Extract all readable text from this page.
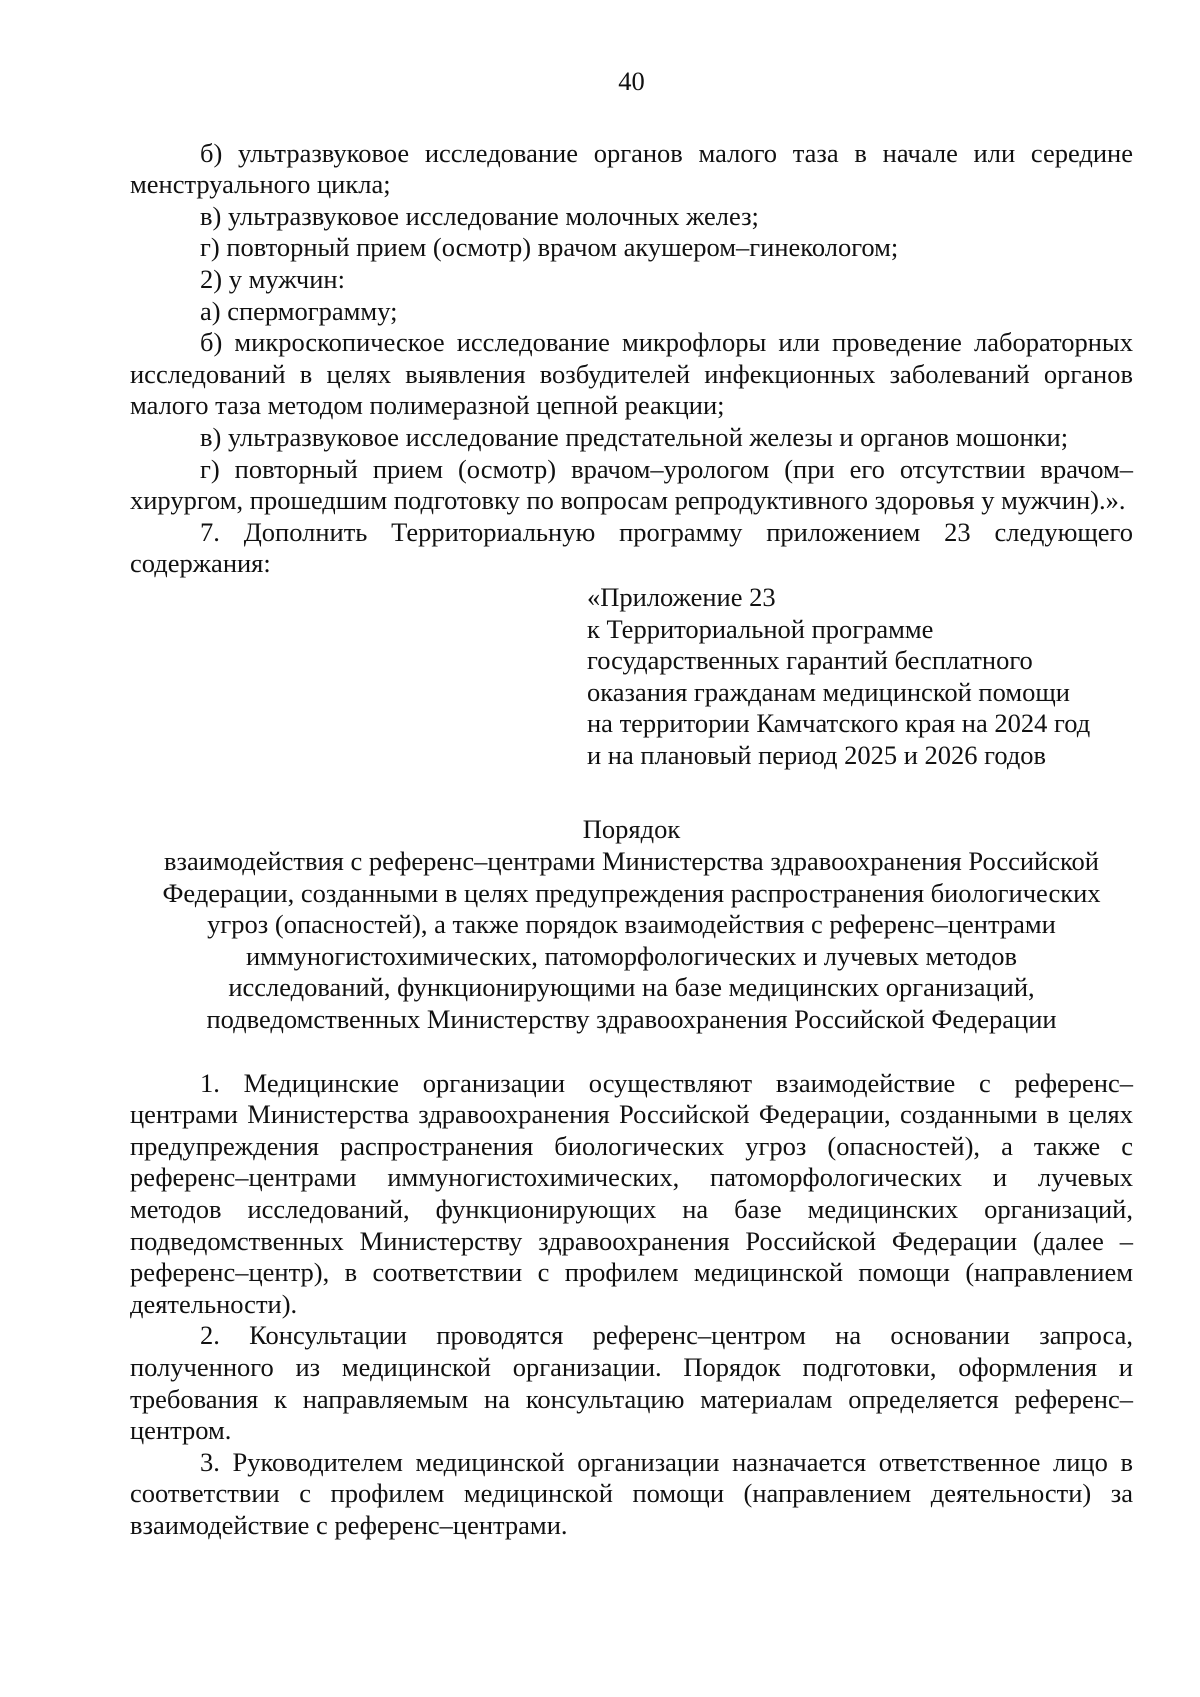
40

б) ультразвуковое исследование органов малого таза в начале или середине менструального цикла;

в) ультразвуковое исследование молочных желез;

г) повторный прием (осмотр) врачом акушером–гинекологом;

2) у мужчин:

а) спермограмму;

б) микроскопическое исследование микрофлоры или проведение лабораторных исследований в целях выявления возбудителей инфекционных заболеваний органов малого таза методом полимеразной цепной реакции;

в) ультразвуковое исследование предстательной железы и органов мошонки;

г) повторный прием (осмотр) врачом–урологом (при его отсутствии врачом–хирургом, прошедшим подготовку по вопросам репродуктивного здоровья у мужчин).».

7. Дополнить Территориальную программу приложением 23 следующего содержания:

«Приложение 23
к Территориальной программе
государственных гарантий бесплатного
оказания гражданам медицинской помощи
на территории Камчатского края на 2024 год
и на плановый период 2025 и 2026 годов
Порядок
взаимодействия с референс–центрами Министерства здравоохранения Российской
Федерации, созданными в целях предупреждения распространения биологических
угроз (опасностей), а также порядок взаимодействия с референс–центрами
иммуногистохимических, патоморфологических и лучевых методов
исследований, функционирующими на базе медицинских организаций,
подведомственных Министерству здравоохранения Российской Федерации

1. Медицинские организации осуществляют взаимодействие с референс–центрами Министерства здравоохранения Российской Федерации, созданными в целях предупреждения распространения биологических угроз (опасностей), а также с референс–центрами иммуногистохимических, патоморфологических и лучевых методов исследований, функционирующих на базе медицинских организаций, подведомственных Министерству здравоохранения Российской Федерации (далее – референс–центр), в соответствии с профилем медицинской помощи (направлением деятельности).

2. Консультации проводятся референс–центром на основании запроса, полученного из медицинской организации. Порядок подготовки, оформления и требования к направляемым на консультацию материалам определяется референс–центром.

3. Руководителем медицинской организации назначается ответственное лицо в соответствии с профилем медицинской помощи (направлением деятельности) за взаимодействие с референс–центрами.
